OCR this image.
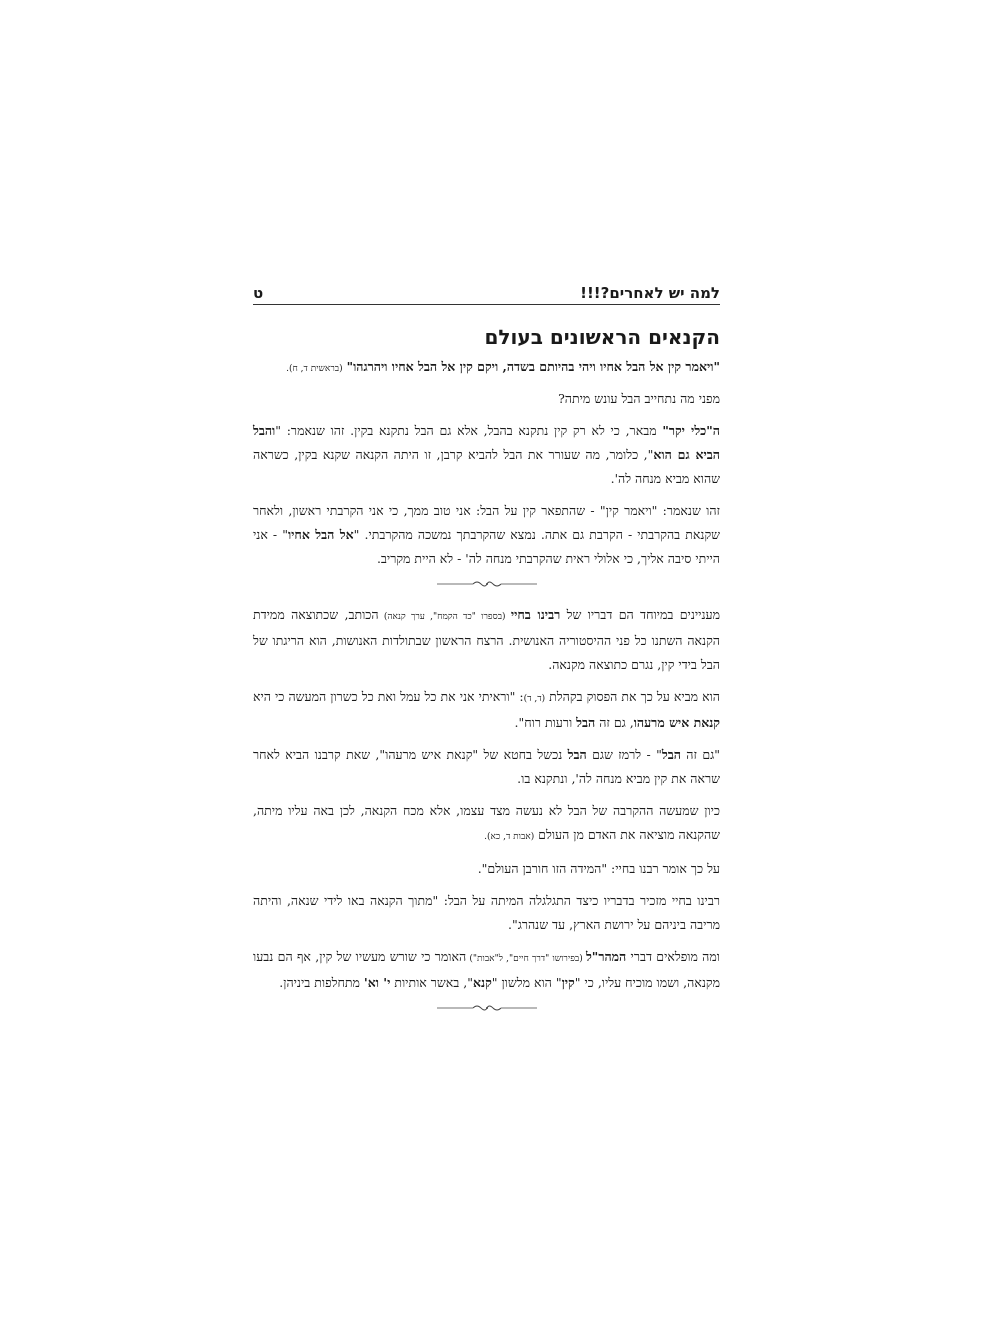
למה יש לאחרים?!!!
ט
הקנאים הראשונים בעולם

"ויאמר קין אל הבל אחיו ויהי בהיותם בשדה, ויקם קין אל הבל אחיו ויהרגהו" (בראשית ד, ח).

מפני מה נתחייב הבל עונש מיתה?

ה"כלי יקר" מבאר, כי לא רק קין נתקנא בהבל, אלא גם הבל נתקנא בקין. זהו שנאמר: "והבל הביא גם הוא", כלומר, מה שעורר את הבל להביא קרבן, זו היתה הקנאה שקנא בקין, כשראה שהוא מביא מנחה לה'.

זהו שנאמר: "ויאמר קין" - שהתפאר קין על הבל: אני טוב ממך, כי אני הקרבתי ראשון, ולאחר שקנאת בהקרבתי - הקרבת גם אתה. נמצא שהקרבתך נמשכה מהקרבתי. "אל הבל אחיו" - אני הייתי סיבה אליך, כי אלולי ראית שהקרבתי מנחה לה' - לא היית מקריב.

מעניינים במיוחד הם דבריו של רבינו בחיי (בספרו "כד הקמח", ערך קנאה) הכותב, שכתוצאה ממידת הקנאה השתנו כל פני ההיסטוריה האנושית. הרצח הראשון שבתולדות האנושות, הוא הריגתו של הבל בידי קין, נגרם כתוצאה מקנאה.

הוא מביא על כך את הפסוק בקהלת (ד, ד): "וראיתי אני את כל עמל ואת כל כשרון המעשה כי היא קנאת איש מרעהו, גם זה הבל ורעות רוח".

"גם זה הבל" - לרמז שגם הבל נכשל בחטא של "קנאת איש מרעהו", שאת קרבנו הביא לאחר שראה את קין מביא מנחה לה', ונתקנא בו.

כיון שמעשה ההקרבה של הבל לא נעשה מצד עצמו, אלא מכח הקנאה, לכן באה עליו מיתה, שהקנאה מוציאה את האדם מן העולם (אבות ד, כא).

על כך אומר רבנו בחיי: "המידה הזו חורבן העולם".

רבינו בחיי מזכיר בדבריו כיצד התגלגלה המיתה על הבל: "מתוך הקנאה באו לידי שנאה, והיתה מריבה ביניהם על ירושת הארץ, עד שנהרג".

ומה מופלאים דברי המהר"ל (בפירושו "דרך חיים", ל"אבות") האומר כי שורש מעשיו של קין, אף הם נבעו מקנאה, ושמו מוכיח עליו, כי "קין" הוא מלשון "קנא", באשר אותיות י' וא' מתחלפות ביניהן.
